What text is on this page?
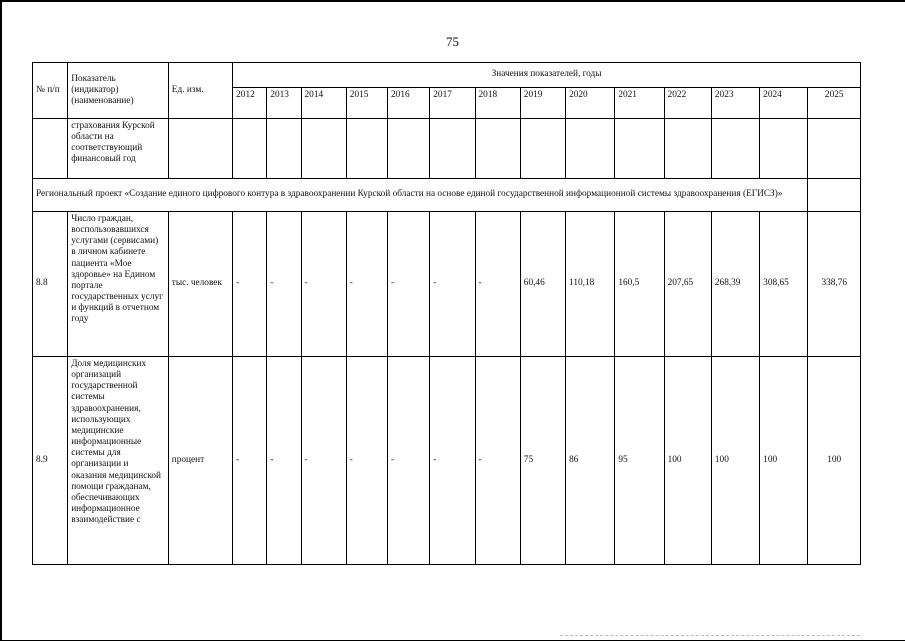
75
№ п/п	Показатель (индикатор) (наименование)	Ед. изм.	Значения показателей, годы													
			2012	2013	2014	2015	2016	2017	2018	2019	2020	2021	2022	2023	2024	2025
	страхования Курской области на соответствующий финансовый год															
Региональный проект «Создание единого цифрового контура в здравоохранении Курской области на основе единой государственной информационной системы здравоохранения (ЕГИСЗ)»																
8.8	Число граждан, воспользовавшихся услугами (сервисами) в личном кабинете пациента «Мое здоровье» на Едином портале государственных услуг и функций в отчетном году	тыс. человек	-	-	-	-	-	-	-	60,46	110,18	160,5	207,65	268,39	308,65	338,76
8.9	Доля медицинских организаций государственной системы здравоохранения, использующих медицинские информационные системы для организации и оказания медицинской помощи гражданам, обеспечивающих информационное взаимодействие с	процент	-	-	-	-	-	-	-	75	86	95	100	100	100	100
